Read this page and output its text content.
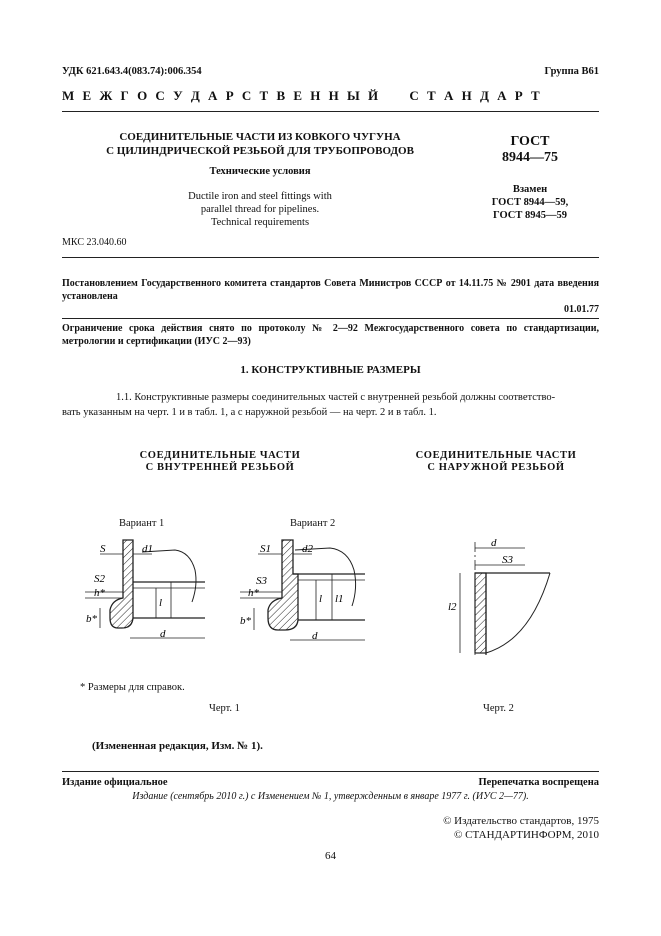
УДК 621.643.4(083.74):006.354	Группа В61
М Е Ж Г О С У Д А Р С Т В Е Н Н Ы Й     С Т А Н Д А Р Т
СОЕДИНИТЕЛЬНЫЕ ЧАСТИ ИЗ КОВКОГО ЧУГУНА
С ЦИЛИНДРИЧЕСКОЙ РЕЗЬБОЙ ДЛЯ ТРУБОПРОВОДОВ
Технические условия
Ductile iron and steel fittings with
parallel thread for pipelines.
Technical requirements
ГОСТ
8944—75
Взамен
ГОСТ 8944—59,
ГОСТ 8945—59
МКС 23.040.60
Постановлением Государственного комитета стандартов Совета Министров СССР от 14.11.75 № 2901 дата введения установлена
01.01.77
Ограничение срока действия снято по протоколу № 2—92 Межгосударственного совета по стандартизации, метрологии и сертификации (ИУС 2—93)
1. КОНСТРУКТИВНЫЕ РАЗМЕРЫ
1.1. Конструктивные размеры соединительных частей с внутренней резьбой должны соответство-
вать указанным на черт. 1 и в табл. 1, а с наружной резьбой — на черт. 2 и в табл. 1.
СОЕДИНИТЕЛЬНЫЕ ЧАСТИ
С ВНУТРЕННЕЙ РЕЗЬБОЙ
СОЕДИНИТЕЛЬНЫЕ ЧАСТИ
С НАРУЖНОЙ РЕЗЬБОЙ
Вариант 1	Вариант 2
S	d1
S2
h*
b*
l
d
S1	d2
S3
h*
b*
l l1
d
d
S3
l2
* Размеры для справок.
Черт. 1	Черт. 2
(Измененная редакция, Изм. № 1).
Издание официальное	Перепечатка воспрещена
Издание (сентябрь 2010 г.) с Изменением № 1, утвержденным в январе 1977 г. (ИУС 2—77).
© Издательство стандартов, 1975
© СТАНДАРТИНФОРМ, 2010
64
